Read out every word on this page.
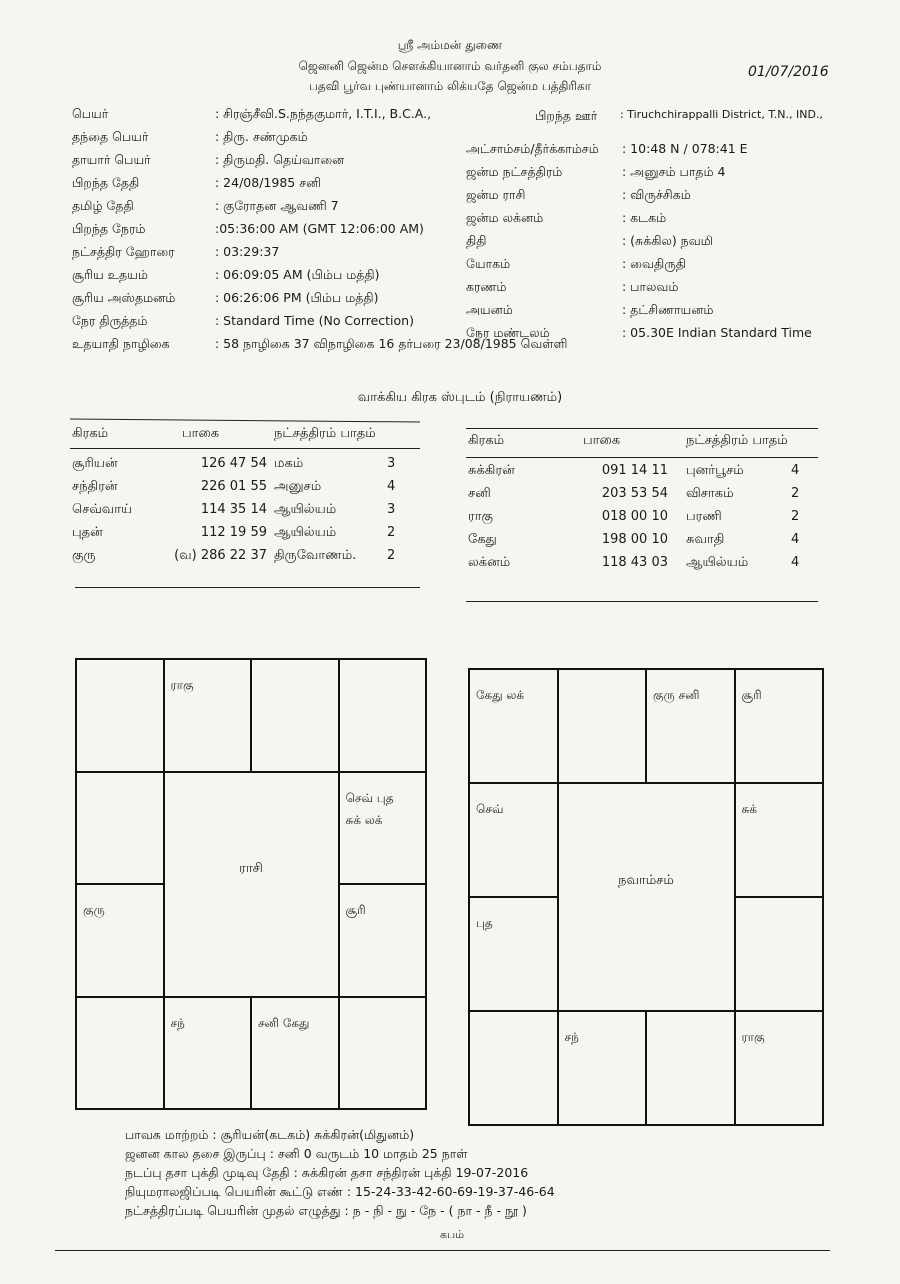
ஸ்ரீ அம்மன் துணை
ஜெனனி ஜென்ம சௌக்கியானாம் வர்தனி குல சம்பதாம்
பதவி பூர்வ புண்யானாம் லிக்யதே ஜென்ம பத்திரிகா
01/07/2016
பெயர்	: சிரஞ்சீவி.S.நந்தகுமார், I.T.I., B.C.A.,
தந்தை பெயர்	: திரு. சண்முகம்
தாயார் பெயர்	: திருமதி. தெய்வானை
பிறந்த தேதி	: 24/08/1985 சனி
தமிழ் தேதி	: குரோதன ஆவணி 7
பிறந்த நேரம்	:05:36:00 AM (GMT 12:06:00 AM)
நட்சத்திர ஹோரை	: 03:29:37
சூரிய உதயம்	: 06:09:05 AM (பிம்ப மத்தி)
சூரிய அஸ்தமனம்	: 06:26:06 PM (பிம்ப மத்தி)
நேர திருத்தம்	: Standard Time (No Correction)
உதயாதி நாழிகை	: 58 நாழிகை 37 விநாழிகை 16 தர்பரை 23/08/1985 வெள்ளி
பிறந்த ஊர் : Tiruchchirappalli District, T.N., IND.,
அட்சாம்சம்/தீர்க்காம்சம் : 10:48 N / 078:41 E
ஜன்ம நட்சத்திரம்	: அனுசம் பாதம் 4
ஜன்ம ராசி	: விருச்சிகம்
ஜன்ம லக்னம்	: கடகம்
திதி	: (சுக்கில) நவமி
யோகம்	: வைதிருதி
கரணம்	: பாலவம்
அயனம்	: தட்சிணாயனம்
நேர மண்டலம்	: 05.30E Indian Standard Time
வாக்கிய கிரக ஸ்புடம் (நிராயணம்)
கிரகம்	பாகை	நட்சத்திரம் பாதம்
சூரியன்	126 47 54 மகம்	3
சந்திரன்	226 01 55 அனுசம்	4
செவ்வாய்	114 35 14 ஆயில்யம்	3
புதன்	112 19 59 ஆயில்யம்	2
குரு	(வ) 286 22 37 திருவோணம். 2
கிரகம்	பாகை	நட்சத்திரம் பாதம்
சுக்கிரன்	091 14 11 புனர்பூசம்	4
சனி	203 53 54 விசாகம்	2
ராகு	018 00 10 பரணி	2
கேது	198 00 10 சுவாதி	4
லக்னம்	118 43 03 ஆயில்யம்	4
ராகு
செவ் புத
சுக் லக்
குரு	சூரி
சந்	சனி கேது
ராசி
கேது லக்	குரு சனி	சூரி
செவ்	சுக்
புத
சந்	ராகு
நவாம்சம்
பாவக மாற்றம் : சூரியன்(கடகம்) சுக்கிரன்(மிதுனம்)
ஜனன கால தசை இருப்பு : சனி 0 வருடம் 10 மாதம் 25 நாள்
நடப்பு தசா புக்தி முடிவு தேதி : சுக்கிரன் தசா சந்திரன் புக்தி 19-07-2016
நியுமராலஜிப்படி பெயரின் கூட்டு எண் : 15-24-33-42-60-69-19-37-46-64
நட்சத்திரப்படி பெயரின் முதல் எழுத்து : ந - நி - நு - நே - ( நா - நீ - நூ )
கபம்
